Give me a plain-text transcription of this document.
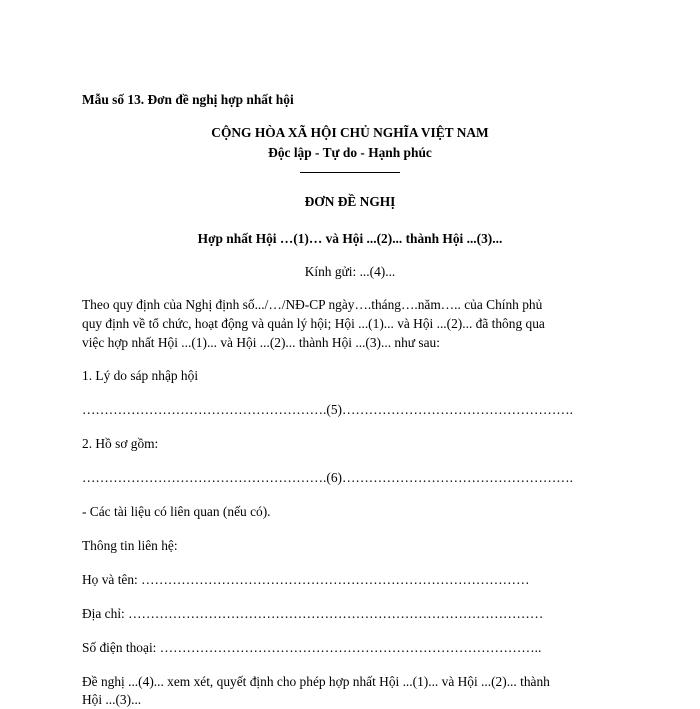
Mẫu số 13. Đơn đề nghị hợp nhất hội
CỘNG HÒA XÃ HỘI CHỦ NGHĨA VIỆT NAM
Độc lập - Tự do - Hạnh phúc
ĐƠN ĐỀ NGHỊ
Hợp nhất Hội …(1)… và Hội ...(2)... thành Hội ...(3)...
Kính gửi: ...(4)...
Theo quy định của Nghị định số.../…/NĐ-CP ngày….tháng….năm….. của Chính phủ
quy định về tổ chức, hoạt động và quản lý hội; Hội ...(1)... và Hội ...(2)... đã thông qua
việc hợp nhất Hội ...(1)... và Hội ...(2)... thành Hội ...(3)... như sau:
1. Lý do sáp nhập hội
……………………………………………….(5)…………………………………………….
2. Hồ sơ gồm:
……………………………………………….(6)…………………………………………….
- Các tài liệu có liên quan (nếu có).
Thông tin liên hệ:
Họ và tên: ……………………………………………………………………………
Địa chỉ: …………………………………………………………………………………
Số điện thoại: …………………………………………………………………………..
Đề nghị ...(4)... xem xét, quyết định cho phép hợp nhất Hội ...(1)... và Hội ...(2)... thành
Hội ...(3)...
